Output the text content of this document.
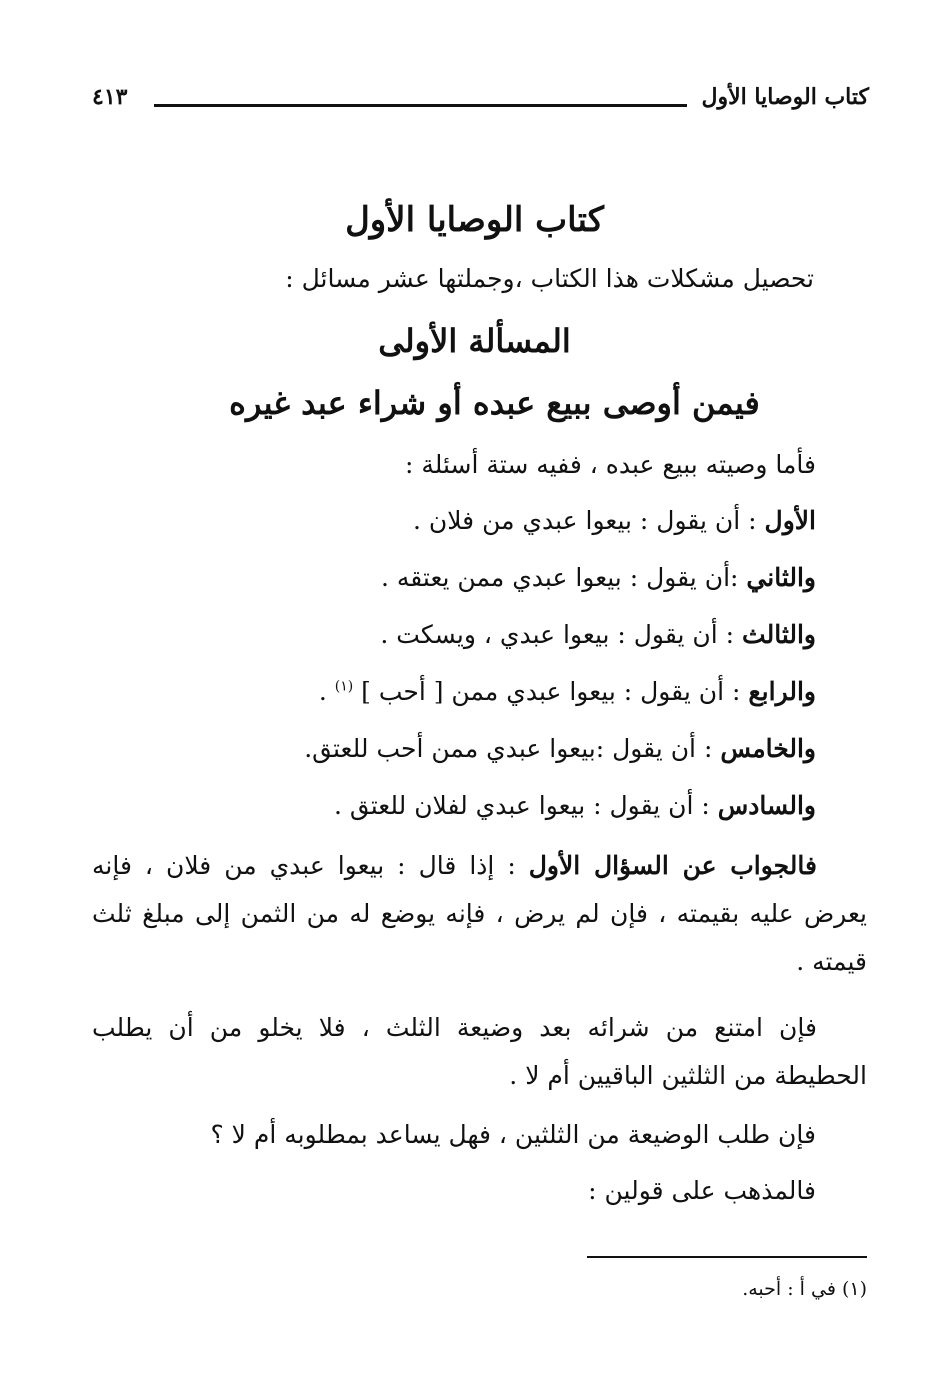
كتاب الوصايا الأول
٤١٣
كتاب الوصايا الأول
تحصيل مشكلات هذا الكتاب ،وجملتها عشر مسائل :
المسألة الأولى
فيمن أوصى ببيع عبده أو شراء عبد غيره
فأما وصيته ببيع عبده ، ففيه ستة أسئلة :
الأول : أن يقول : بيعوا عبدي من فلان .
والثاني :أن يقول : بيعوا عبدي ممن يعتقه .
والثالث : أن يقول : بيعوا عبدي ، ويسكت .
والرابع : أن يقول : بيعوا عبدي ممن [ أحب ] $^{(١)}$ .
والخامس : أن يقول :بيعوا عبدي ممن أحب للعتق.
والسادس : أن يقول : بيعوا عبدي لفلان للعتق .
فالجواب عن السؤال الأول : إذا قال : بيعوا عبدي من فلان ، فإنه يعرض عليه بقيمته ، فإن لم يرض ، فإنه يوضع له من الثمن إلى مبلغ ثلث قيمته .
فإن امتنع من شرائه بعد وضيعة الثلث ، فلا يخلو من أن يطلب الحطيطة من الثلثين الباقيين أم لا .
فإن طلب الوضيعة من الثلثين ، فهل يساعد بمطلوبه أم لا ؟
فالمذهب على قولين :
(١) في أ : أحبه.
